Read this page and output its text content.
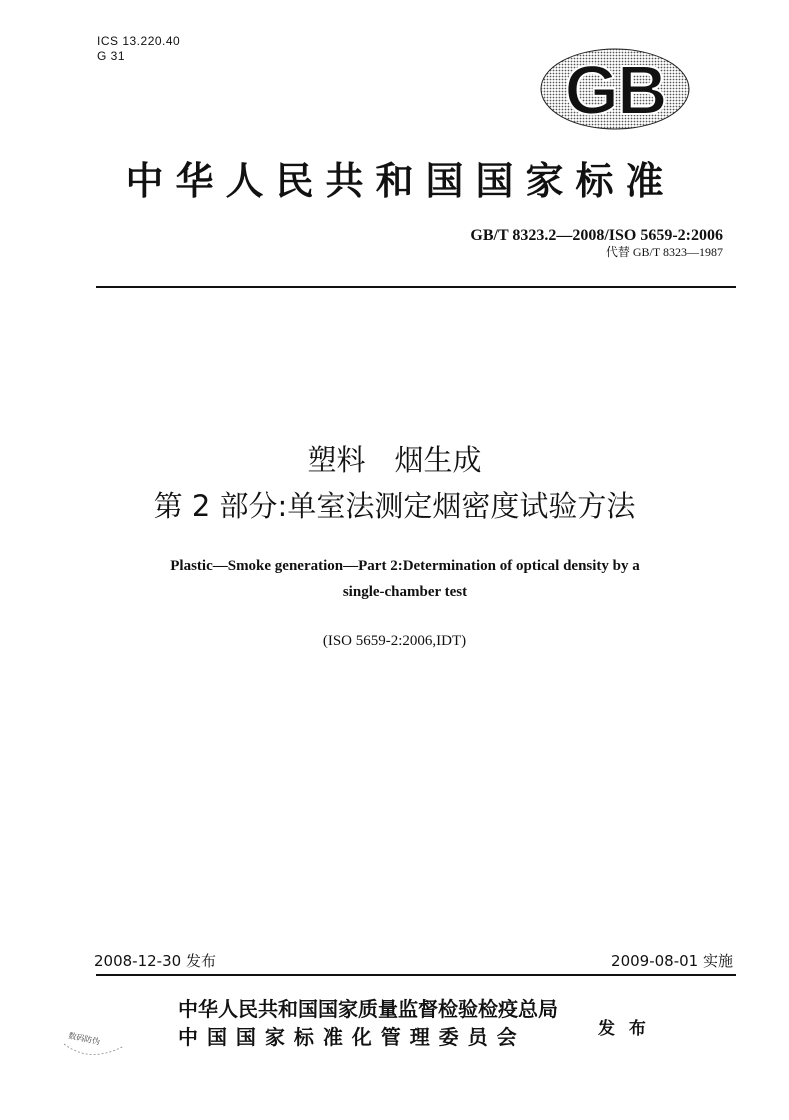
ICS 13.220.40
G 31	GB
中华人民共和国国家标准
GB/T 8323.2—2008/ISO 5659-2:2006
代替 GB/T 8323—1987
塑料　烟生成
第 2 部分:单室法测定烟密度试验方法
Plastic—Smoke generation—Part 2:Determination of optical density by a
single-chamber test
(ISO 5659-2:2006,IDT)
2008-12-30 发布	2009-08-01 实施
中华人民共和国国家质量监督检验检疫总局
中 国 国 家 标 准 化 管 理 委 员 会	发 布
数码防伪
